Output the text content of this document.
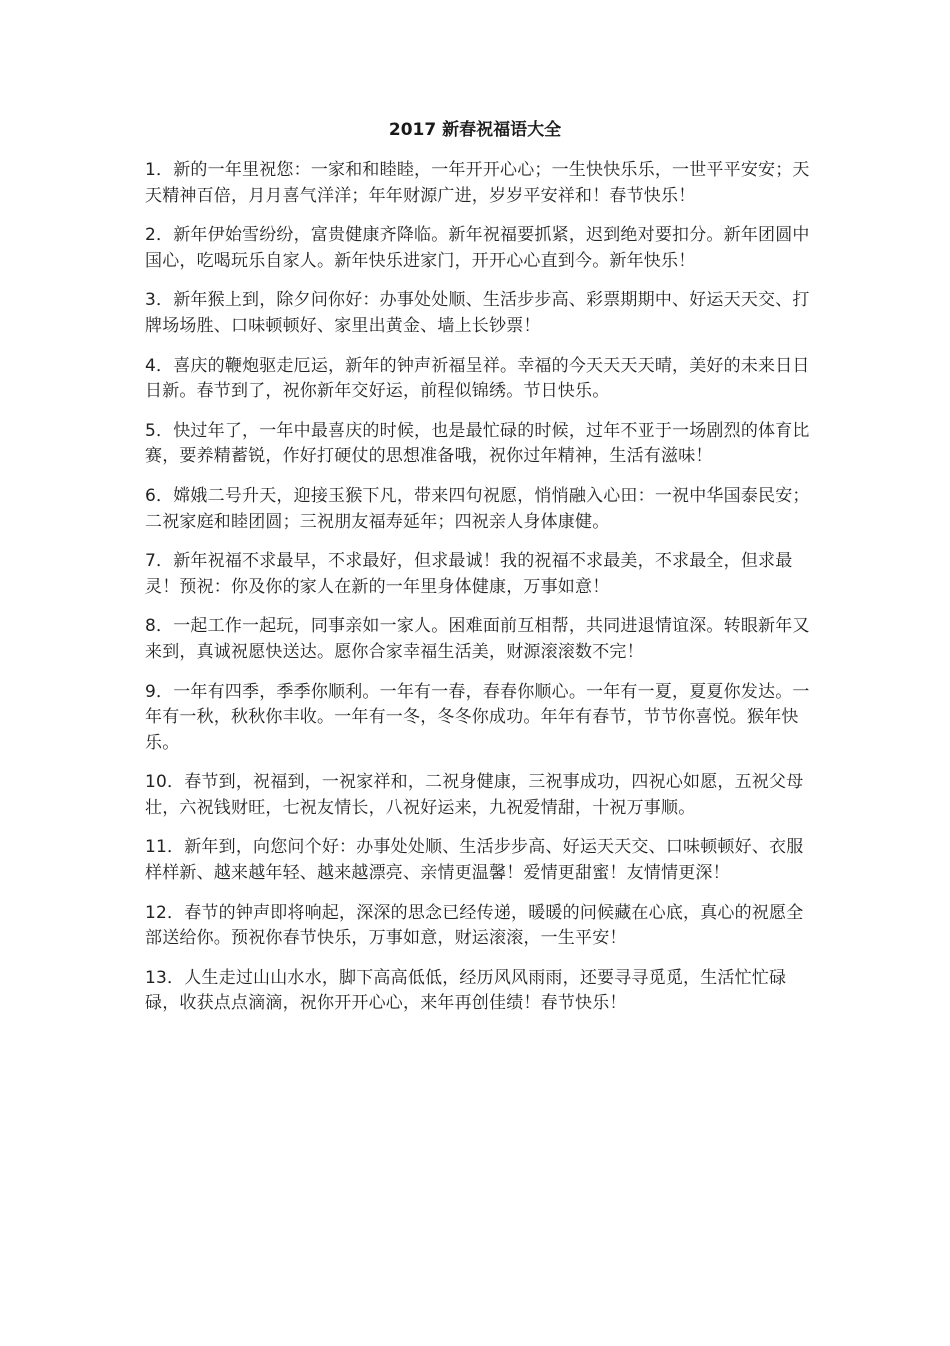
2017 新春祝福语大全

1．新的一年里祝您：一家和和睦睦，一年开开心心；一生快快乐乐，一世平平安安；天天精神百倍，月月喜气洋洋；年年财源广进，岁岁平安祥和！春节快乐！

2．新年伊始雪纷纷，富贵健康齐降临。新年祝福要抓紧，迟到绝对要扣分。新年团圆中国心，吃喝玩乐自家人。新年快乐进家门，开开心心直到今。新年快乐！

3．新年猴上到，除夕问你好：办事处处顺、生活步步高、彩票期期中、好运天天交、打牌场场胜、口味顿顿好、家里出黄金、墙上长钞票！

4．喜庆的鞭炮驱走厄运，新年的钟声祈福呈祥。幸福的今天天天天晴，美好的未来日日日新。春节到了，祝你新年交好运，前程似锦绣。节日快乐。

5．快过年了，一年中最喜庆的时候，也是最忙碌的时候，过年不亚于一场剧烈的体育比赛，要养精蓄锐，作好打硬仗的思想准备哦，祝你过年精神，生活有滋味！

6．嫦娥二号升天，迎接玉猴下凡，带来四句祝愿，悄悄融入心田：一祝中华国泰民安；二祝家庭和睦团圆；三祝朋友福寿延年；四祝亲人身体康健。

7．新年祝福不求最早，不求最好，但求最诚！我的祝福不求最美，不求最全，但求最灵！预祝：你及你的家人在新的一年里身体健康，万事如意！

8．一起工作一起玩，同事亲如一家人。困难面前互相帮，共同进退情谊深。转眼新年又来到，真诚祝愿快送达。愿你合家幸福生活美，财源滚滚数不完！

9．一年有四季，季季你顺利。一年有一春，春春你顺心。一年有一夏，夏夏你发达。一年有一秋，秋秋你丰收。一年有一冬，冬冬你成功。年年有春节，节节你喜悦。猴年快乐。

10．春节到，祝福到，一祝家祥和，二祝身健康，三祝事成功，四祝心如愿，五祝父母壮，六祝钱财旺，七祝友情长，八祝好运来，九祝爱情甜，十祝万事顺。

11．新年到，向您问个好：办事处处顺、生活步步高、好运天天交、口味顿顿好、衣服样样新、越来越年轻、越来越漂亮、亲情更温馨！爱情更甜蜜！友情情更深！

12．春节的钟声即将响起，深深的思念已经传递，暖暖的问候藏在心底，真心的祝愿全部送给你。预祝你春节快乐，万事如意，财运滚滚，一生平安！

13．人生走过山山水水，脚下高高低低，经历风风雨雨，还要寻寻觅觅，生活忙忙碌碌，收获点点滴滴，祝你开开心心，来年再创佳绩！春节快乐！
